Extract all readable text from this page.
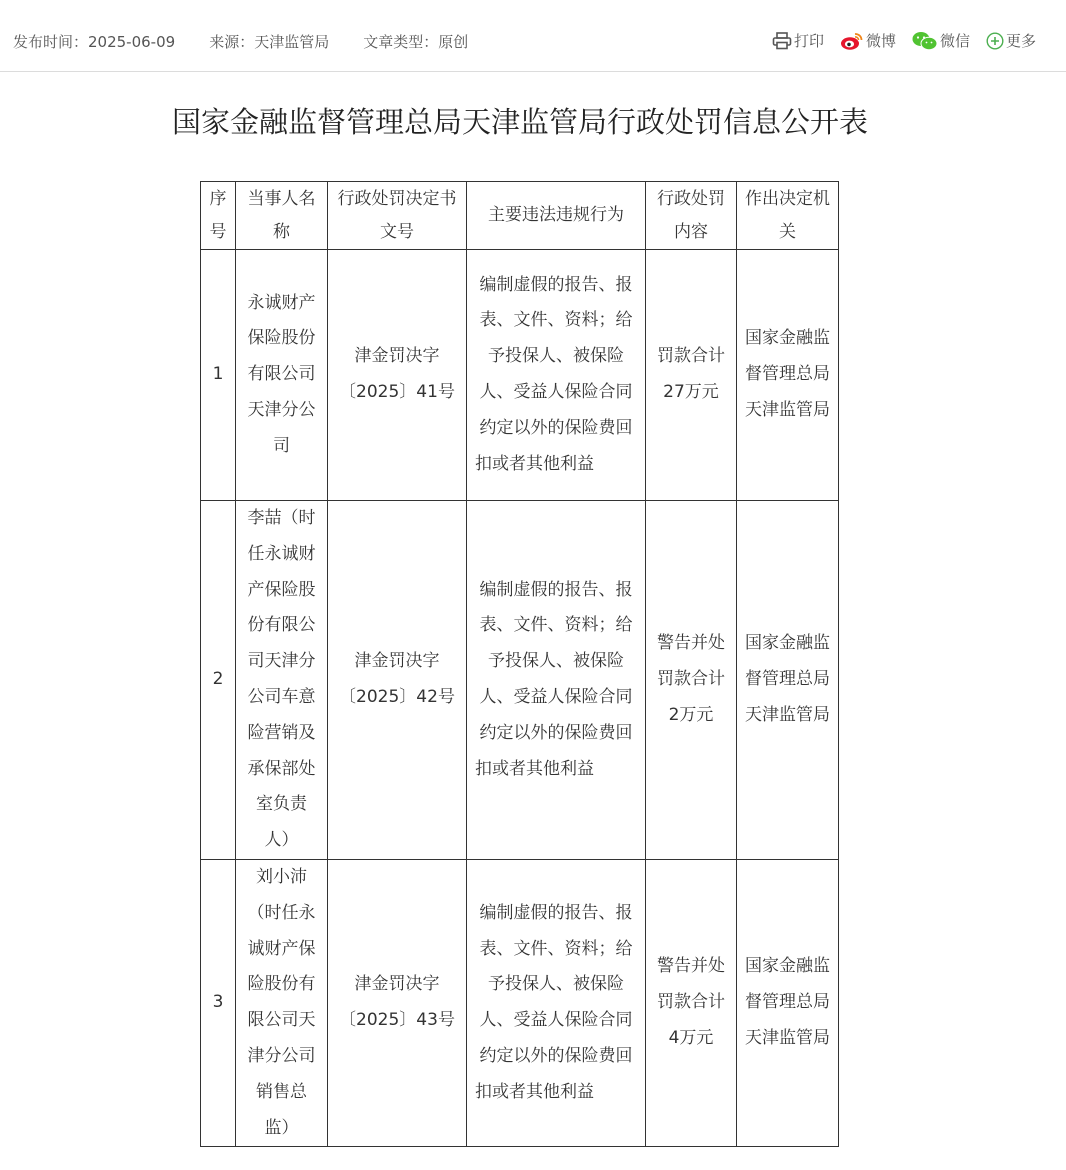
发布时间：2025-06-09 来源：天津监管局 文章类型：原创	打印	微博	微信 更多
国家金融监督管理总局天津监管局行政处罚信息公开表
序号	当事人名称	行政处罚决定书文号	主要违法违规行为	行政处罚内容	作出决定机关
1	永诚财产保险股份有限公司天津分公司	津金罚决字〔2025〕41号	编制虚假的报告、报表、文件、资料；给予投保人、被保险人、受益人保险合同约定以外的保险费回扣或者其他利益	罚款合计27万元	国家金融监督管理总局天津监管局
2	李喆（时任永诚财产保险股份有限公司天津分公司车意险营销及承保部处室负责人）	津金罚决字〔2025〕42号	编制虚假的报告、报表、文件、资料；给予投保人、被保险人、受益人保险合同约定以外的保险费回扣或者其他利益	警告并处罚款合计2万元	国家金融监督管理总局天津监管局
3	刘小沛（时任永诚财产保险股份有限公司天津分公司销售总监）	津金罚决字〔2025〕43号	编制虚假的报告、报表、文件、资料；给予投保人、被保险人、受益人保险合同约定以外的保险费回扣或者其他利益	警告并处罚款合计4万元	国家金融监督管理总局天津监管局
